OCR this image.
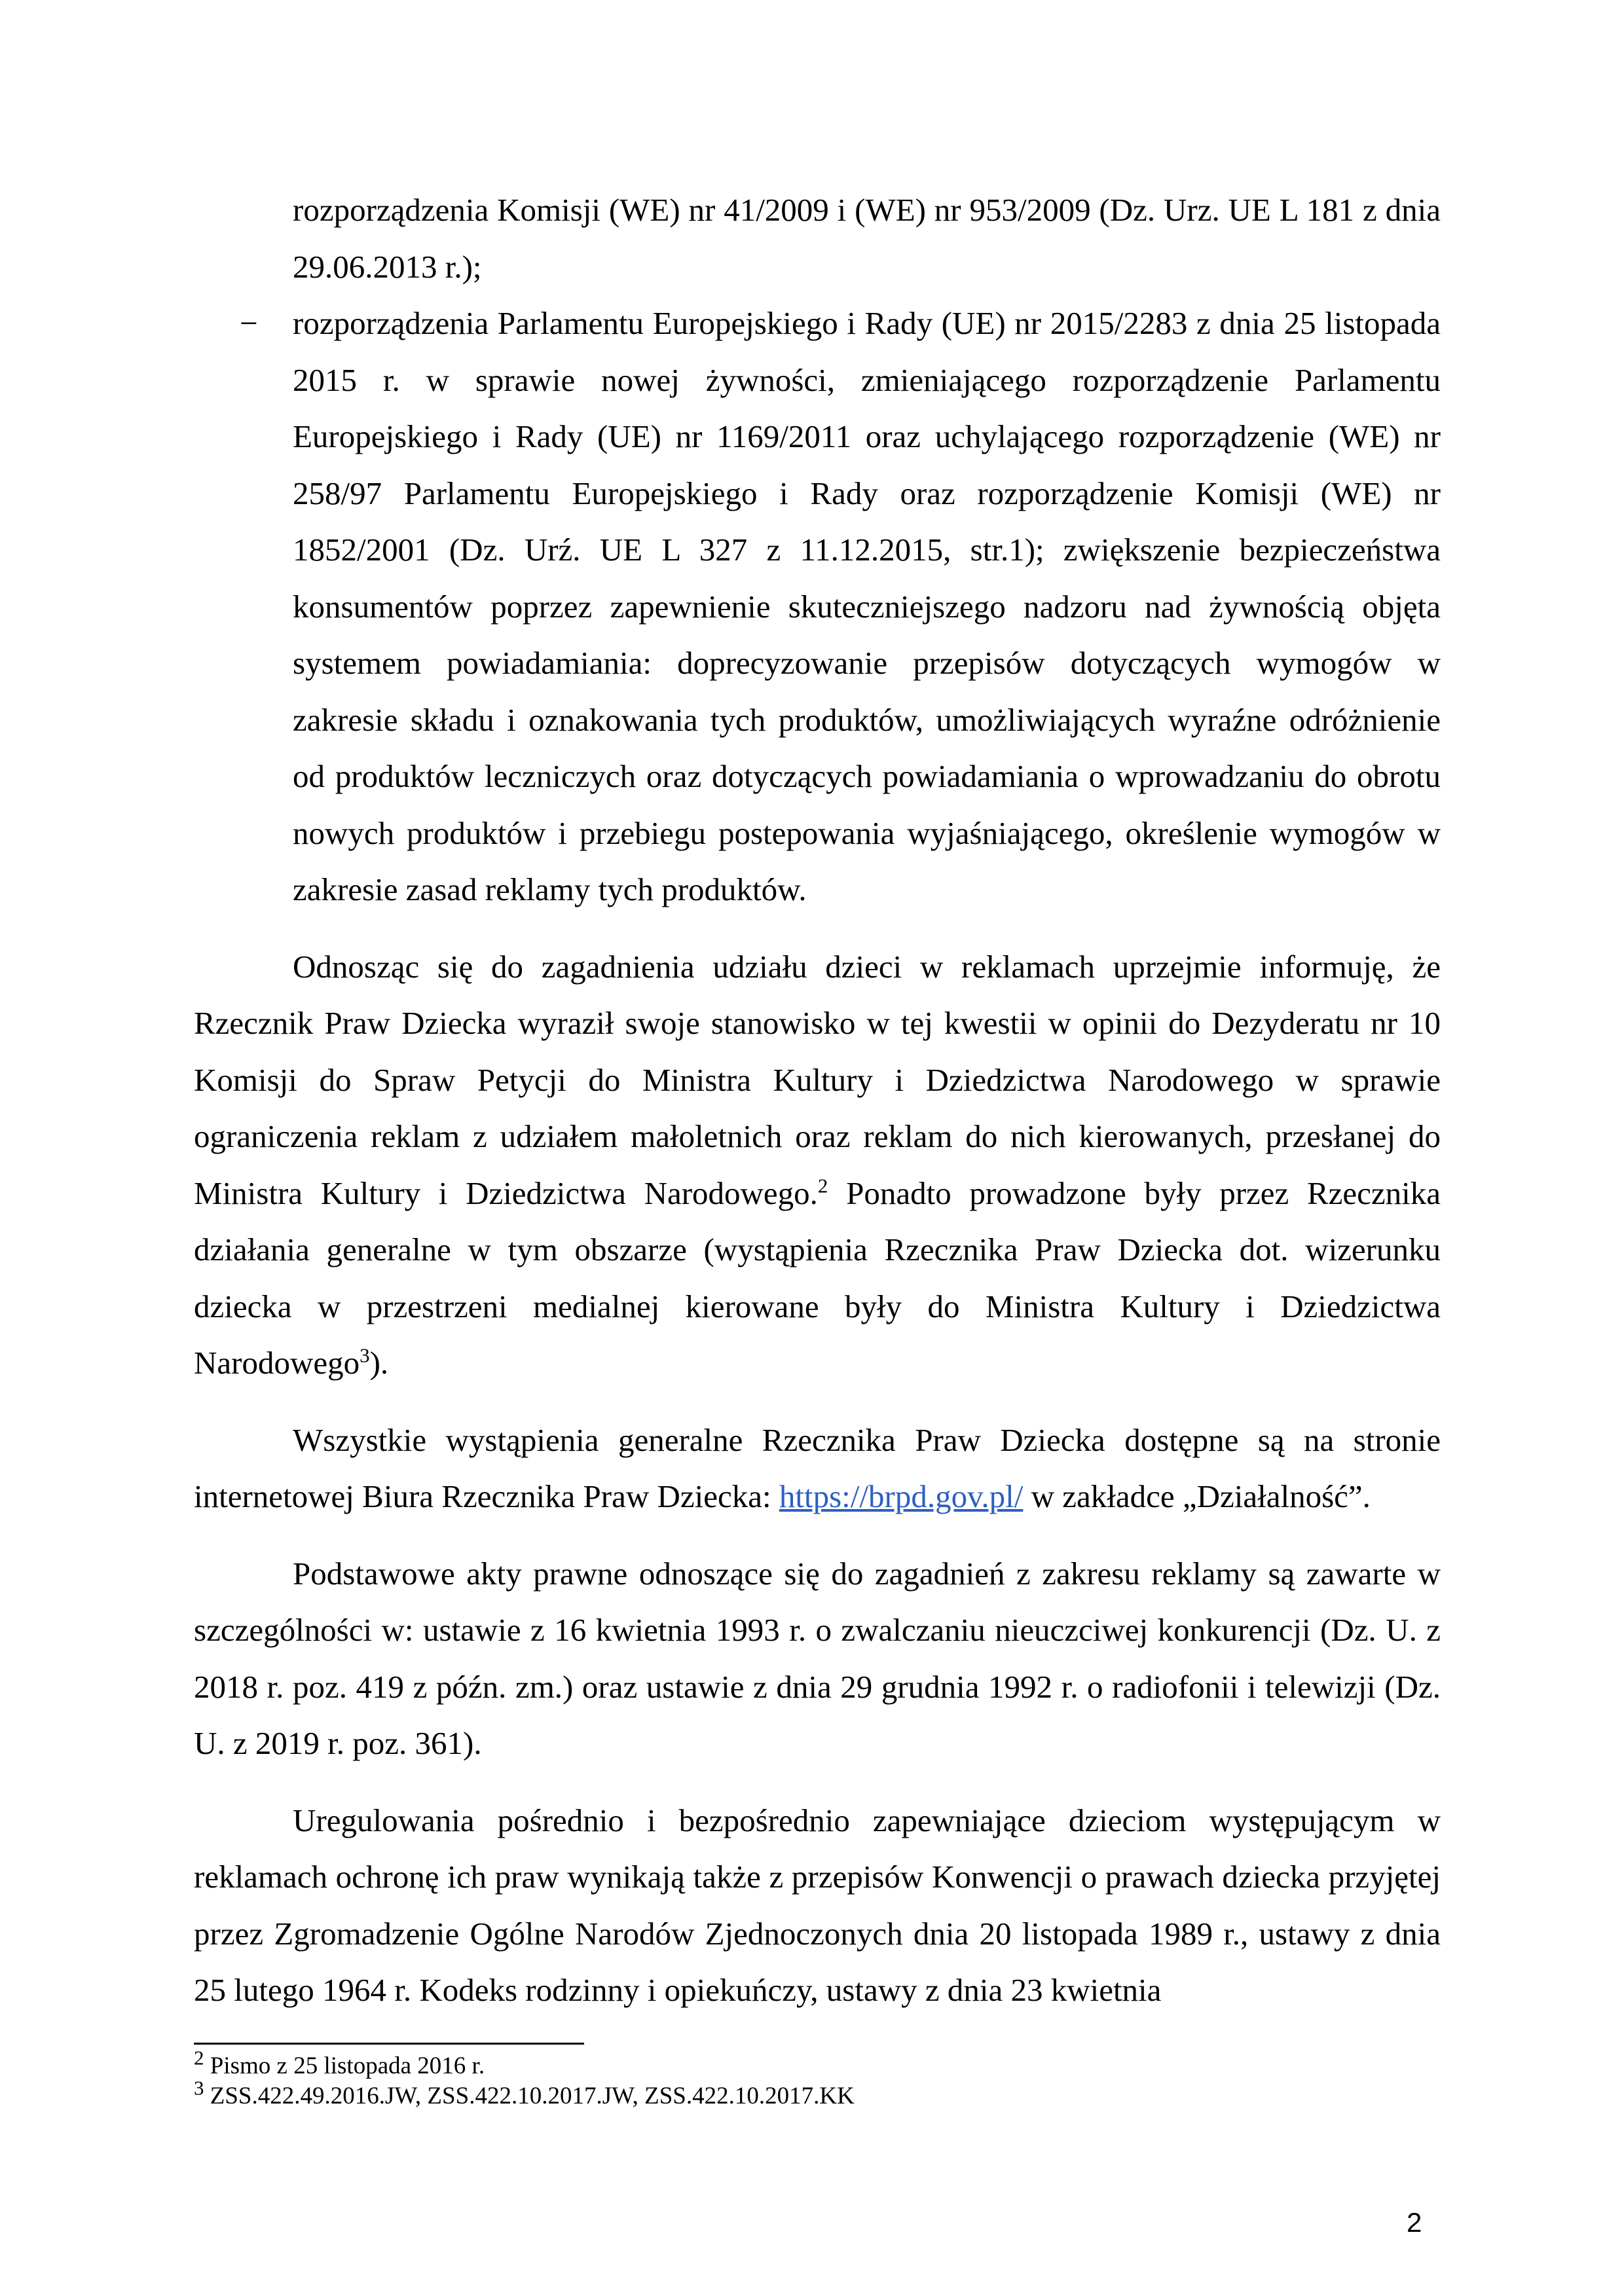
rozporządzenia Komisji (WE) nr 41/2009 i (WE) nr 953/2009 (Dz. Urz. UE L 181 z dnia 29.06.2013 r.);

− rozporządzenia Parlamentu Europejskiego i Rady (UE) nr 2015/2283 z dnia 25 listopada 2015 r. w sprawie nowej żywności, zmieniającego rozporządzenie Parlamentu Europejskiego i Rady (UE) nr 1169/2011 oraz uchylającego rozporządzenie (WE) nr 258/97 Parlamentu Europejskiego i Rady oraz rozporządzenie Komisji (WE) nr 1852/2001 (Dz. Urź. UE L 327 z 11.12.2015, str.1); zwiększenie bezpieczeństwa konsumentów poprzez zapewnienie skuteczniejszego nadzoru nad żywnością objęta systemem powiadamiania: doprecyzowanie przepisów dotyczących wymogów w zakresie składu i oznakowania tych produktów, umożliwiających wyraźne odróżnienie od produktów leczniczych oraz dotyczących powiadamiania o wprowadzaniu do obrotu nowych produktów i przebiegu postepowania wyjaśniającego, określenie wymogów w zakresie zasad reklamy tych produktów.

Odnosząc się do zagadnienia udziału dzieci w reklamach uprzejmie informuję, że Rzecznik Praw Dziecka wyraził swoje stanowisko w tej kwestii w opinii do Dezyderatu nr 10 Komisji do Spraw Petycji do Ministra Kultury i Dziedzictwa Narodowego w sprawie ograniczenia reklam z udziałem małoletnich oraz reklam do nich kierowanych, przesłanej do Ministra Kultury i Dziedzictwa Narodowego.$^2$ Ponadto prowadzone były przez Rzecznika działania generalne w tym obszarze (wystąpienia Rzecznika Praw Dziecka dot. wizerunku dziecka w przestrzeni medialnej kierowane były do Ministra Kultury i Dziedzictwa Narodowego$^3$).

Wszystkie wystąpienia generalne Rzecznika Praw Dziecka dostępne są na stronie internetowej Biura Rzecznika Praw Dziecka: https://brpd.gov.pl/ w zakładce „Działalność”.

Podstawowe akty prawne odnoszące się do zagadnień z zakresu reklamy są zawarte w szczególności w: ustawie z 16 kwietnia 1993 r. o zwalczaniu nieuczciwej konkurencji (Dz. U. z 2018 r. poz. 419 z późn. zm.) oraz ustawie z dnia 29 grudnia 1992 r. o radiofonii i telewizji (Dz. U. z 2019 r. poz. 361).

Uregulowania pośrednio i bezpośrednio zapewniające dzieciom występującym w reklamach ochronę ich praw wynikają także z przepisów Konwencji o prawach dziecka przyjętej przez Zgromadzenie Ogólne Narodów Zjednoczonych dnia 20 listopada 1989 r., ustawy z dnia 25 lutego 1964 r. Kodeks rodzinny i opiekuńczy, ustawy z dnia 23 kwietnia

$^2$ Pismo z 25 listopada 2016 r.

$^3$ ZSS.422.49.2016.JW, ZSS.422.10.2017.JW, ZSS.422.10.2017.KK

2
